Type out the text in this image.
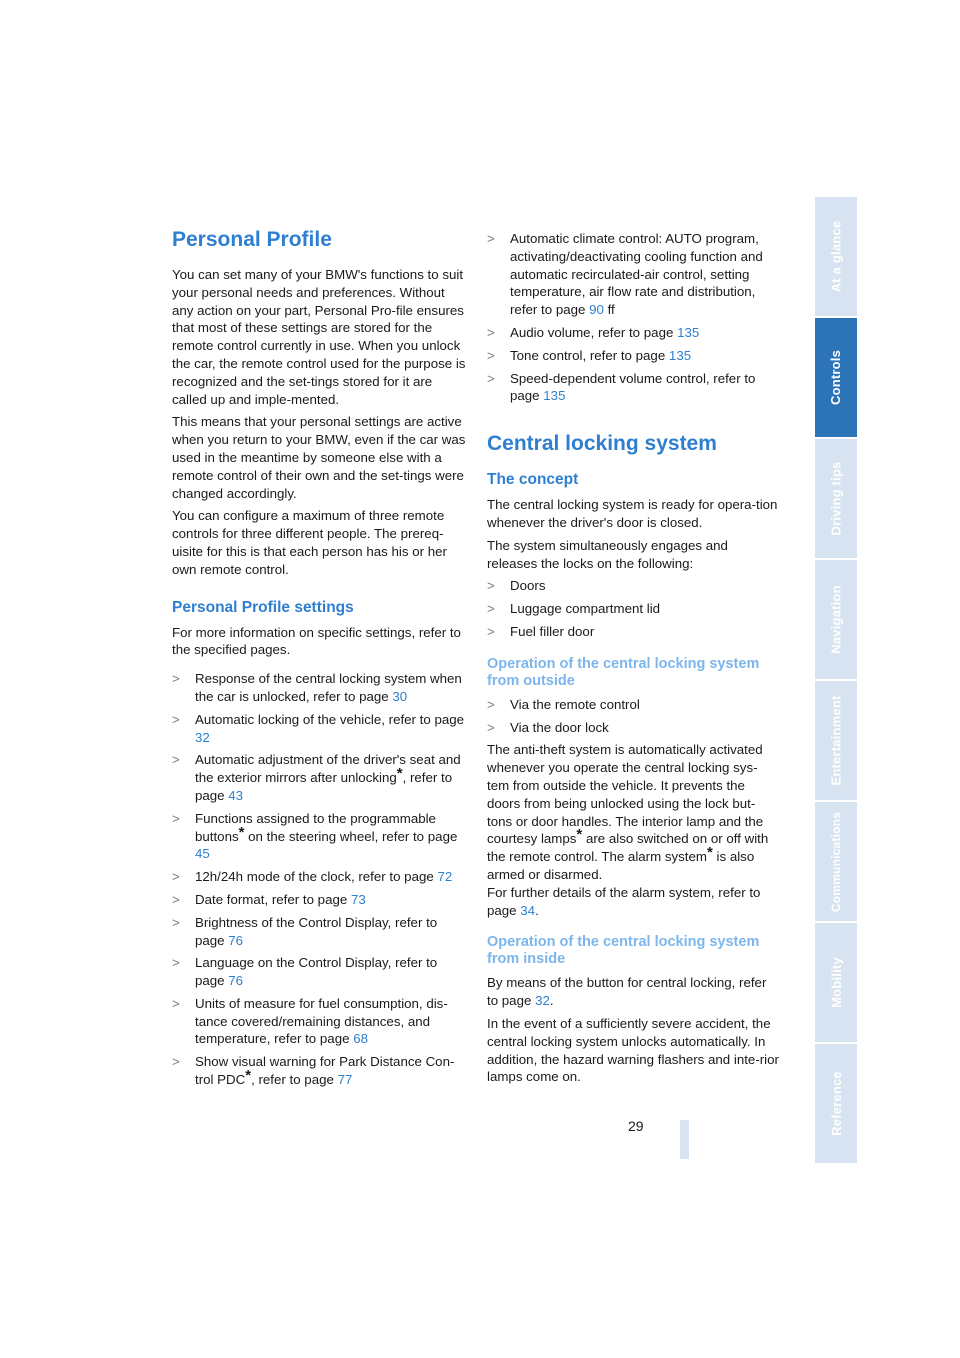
Personal Profile

You can set many of your BMW's functions to suit your personal needs and preferences. Without any action on your part, Personal Pro-file ensures that most of these settings are stored for the remote control currently in use. When you unlock the car, the remote control used for the purpose is recognized and the set-tings stored for it are called up and imple-mented.

This means that your personal settings are active when you return to your BMW, even if the car was used in the meantime by someone else with a remote control of their own and the set-tings were changed accordingly.

You can configure a maximum of three remote controls for three different people. The prereq-uisite for this is that each person has his or her own remote control.

Personal Profile settings

For more information on specific settings, refer to the specified pages.

> Response of the central locking system when the car is unlocked, refer to page 30
> Automatic locking of the vehicle, refer to page 32
> Automatic adjustment of the driver's seat and the exterior mirrors after unlocking*, refer to page 43
> Functions assigned to the programmable buttons* on the steering wheel, refer to page 45
> 12h/24h mode of the clock, refer to page 72
> Date format, refer to page 73
> Brightness of the Control Display, refer to page 76
> Language on the Control Display, refer to page 76
> Units of measure for fuel consumption, dis-tance covered/remaining distances, and temperature, refer to page 68
> Show visual warning for Park Distance Con-trol PDC*, refer to page 77
> Automatic climate control: AUTO program, activating/deactivating cooling function and automatic recirculated-air control, setting temperature, air flow rate and distribution, refer to page 90 ff
> Audio volume, refer to page 135
> Tone control, refer to page 135
> Speed-dependent volume control, refer to page 135
Central locking system
The concept

The central locking system is ready for opera-tion whenever the driver's door is closed.

The system simultaneously engages and releases the locks on the following:

> Doors
> Luggage compartment lid
> Fuel filler door
Operation of the central locking system from outside
> Via the remote control
> Via the door lock

The anti-theft system is automatically activated whenever you operate the central locking sys-tem from outside the vehicle. It prevents the doors from being unlocked using the lock but-tons or door handles. The interior lamp and the courtesy lamps* are also switched on or off with the remote control. The alarm system* is also armed or disarmed.

For further details of the alarm system, refer to page 34.

Operation of the central locking system from inside

By means of the button for central locking, refer to page 32.

In the event of a sufficiently severe accident, the central locking system unlocks automatically. In addition, the hazard warning flashers and inte-rior lamps come on.

29
At a glance
Controls
Driving tips
Navigation
Entertainment
Communications
Mobility
Reference
